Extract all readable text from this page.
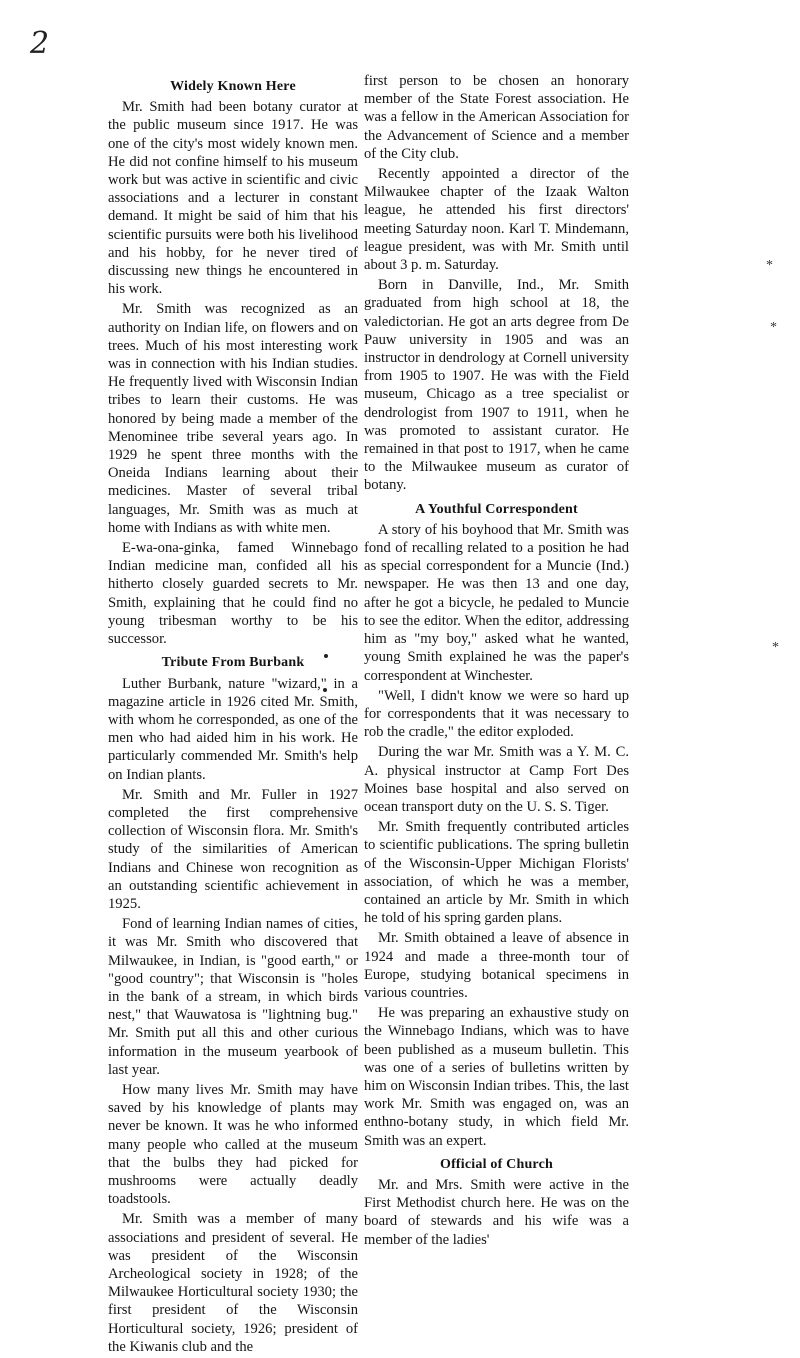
2
*
*
*
Widely Known Here

Mr. Smith had been botany curator at the public museum since 1917. He was one of the city's most widely known men. He did not confine himself to his museum work but was active in scientific and civic associations and a lecturer in constant demand. It might be said of him that his scientific pursuits were both his livelihood and his hobby, for he never tired of discussing new things he encountered in his work.

Mr. Smith was recognized as an authority on Indian life, on flowers and on trees. Much of his most interesting work was in connection with his Indian studies. He frequently lived with Wisconsin Indian tribes to learn their customs. He was honored by being made a member of the Menominee tribe several years ago. In 1929 he spent three months with the Oneida Indians learning about their medicines. Master of several tribal languages, Mr. Smith was as much at home with Indians as with white men.

E-wa-ona-ginka, famed Winnebago Indian medicine man, confided all his hitherto closely guarded secrets to Mr. Smith, explaining that he could find no young tribesman worthy to be his successor.

Tribute From Burbank

Luther Burbank, nature "wizard," in a magazine article in 1926 cited Mr. Smith, with whom he corresponded, as one of the men who had aided him in his work. He particularly commended Mr. Smith's help on Indian plants.

Mr. Smith and Mr. Fuller in 1927 completed the first comprehensive collection of Wisconsin flora. Mr. Smith's study of the similarities of American Indians and Chinese won recognition as an outstanding scientific achievement in 1925.

Fond of learning Indian names of cities, it was Mr. Smith who discovered that Milwaukee, in Indian, is "good earth," or "good country"; that Wisconsin is "holes in the bank of a stream, in which birds nest," that Wauwatosa is "lightning bug." Mr. Smith put all this and other curious information in the museum yearbook of last year.

How many lives Mr. Smith may have saved by his knowledge of plants may never be known. It was he who informed many people who called at the museum that the bulbs they had picked for mushrooms were actually deadly toadstools.

Mr. Smith was a member of many associations and president of several. He was president of the Wisconsin Archeological society in 1928; of the Milwaukee Horticultural society 1930; the first president of the Wisconsin Horticultural society, 1926; president of the Kiwanis club and the

first person to be chosen an honorary member of the State Forest association. He was a fellow in the American Association for the Advancement of Science and a member of the City club.

Recently appointed a director of the Milwaukee chapter of the Izaak Walton league, he attended his first directors' meeting Saturday noon. Karl T. Mindemann, league president, was with Mr. Smith until about 3 p. m. Saturday.

Born in Danville, Ind., Mr. Smith graduated from high school at 18, the valedictorian. He got an arts degree from De Pauw university in 1905 and was an instructor in dendrology at Cornell university from 1905 to 1907. He was with the Field museum, Chicago as a tree specialist or dendrologist from 1907 to 1911, when he was promoted to assistant curator. He remained in that post to 1917, when he came to the Milwaukee museum as curator of botany.

A Youthful Correspondent

A story of his boyhood that Mr. Smith was fond of recalling related to a position he had as special correspondent for a Muncie (Ind.) newspaper. He was then 13 and one day, after he got a bicycle, he pedaled to Muncie to see the editor. When the editor, addressing him as "my boy," asked what he wanted, young Smith explained he was the paper's correspondent at Winchester.

"Well, I didn't know we were so hard up for correspondents that it was necessary to rob the cradle," the editor exploded.

During the war Mr. Smith was a Y. M. C. A. physical instructor at Camp Fort Des Moines base hospital and also served on ocean transport duty on the U. S. S. Tiger.

Mr. Smith frequently contributed articles to scientific publications. The spring bulletin of the Wisconsin-Upper Michigan Florists' association, of which he was a member, contained an article by Mr. Smith in which he told of his spring garden plans.

Mr. Smith obtained a leave of absence in 1924 and made a three-month tour of Europe, studying botanical specimens in various countries.

He was preparing an exhaustive study on the Winnebago Indians, which was to have been published as a museum bulletin. This was one of a series of bulletins written by him on Wisconsin Indian tribes. This, the last work Mr. Smith was engaged on, was an enthno-botany study, in which field Mr. Smith was an expert.

Official of Church

Mr. and Mrs. Smith were active in the First Methodist church here. He was on the board of stewards and his wife was a member of the ladies'
